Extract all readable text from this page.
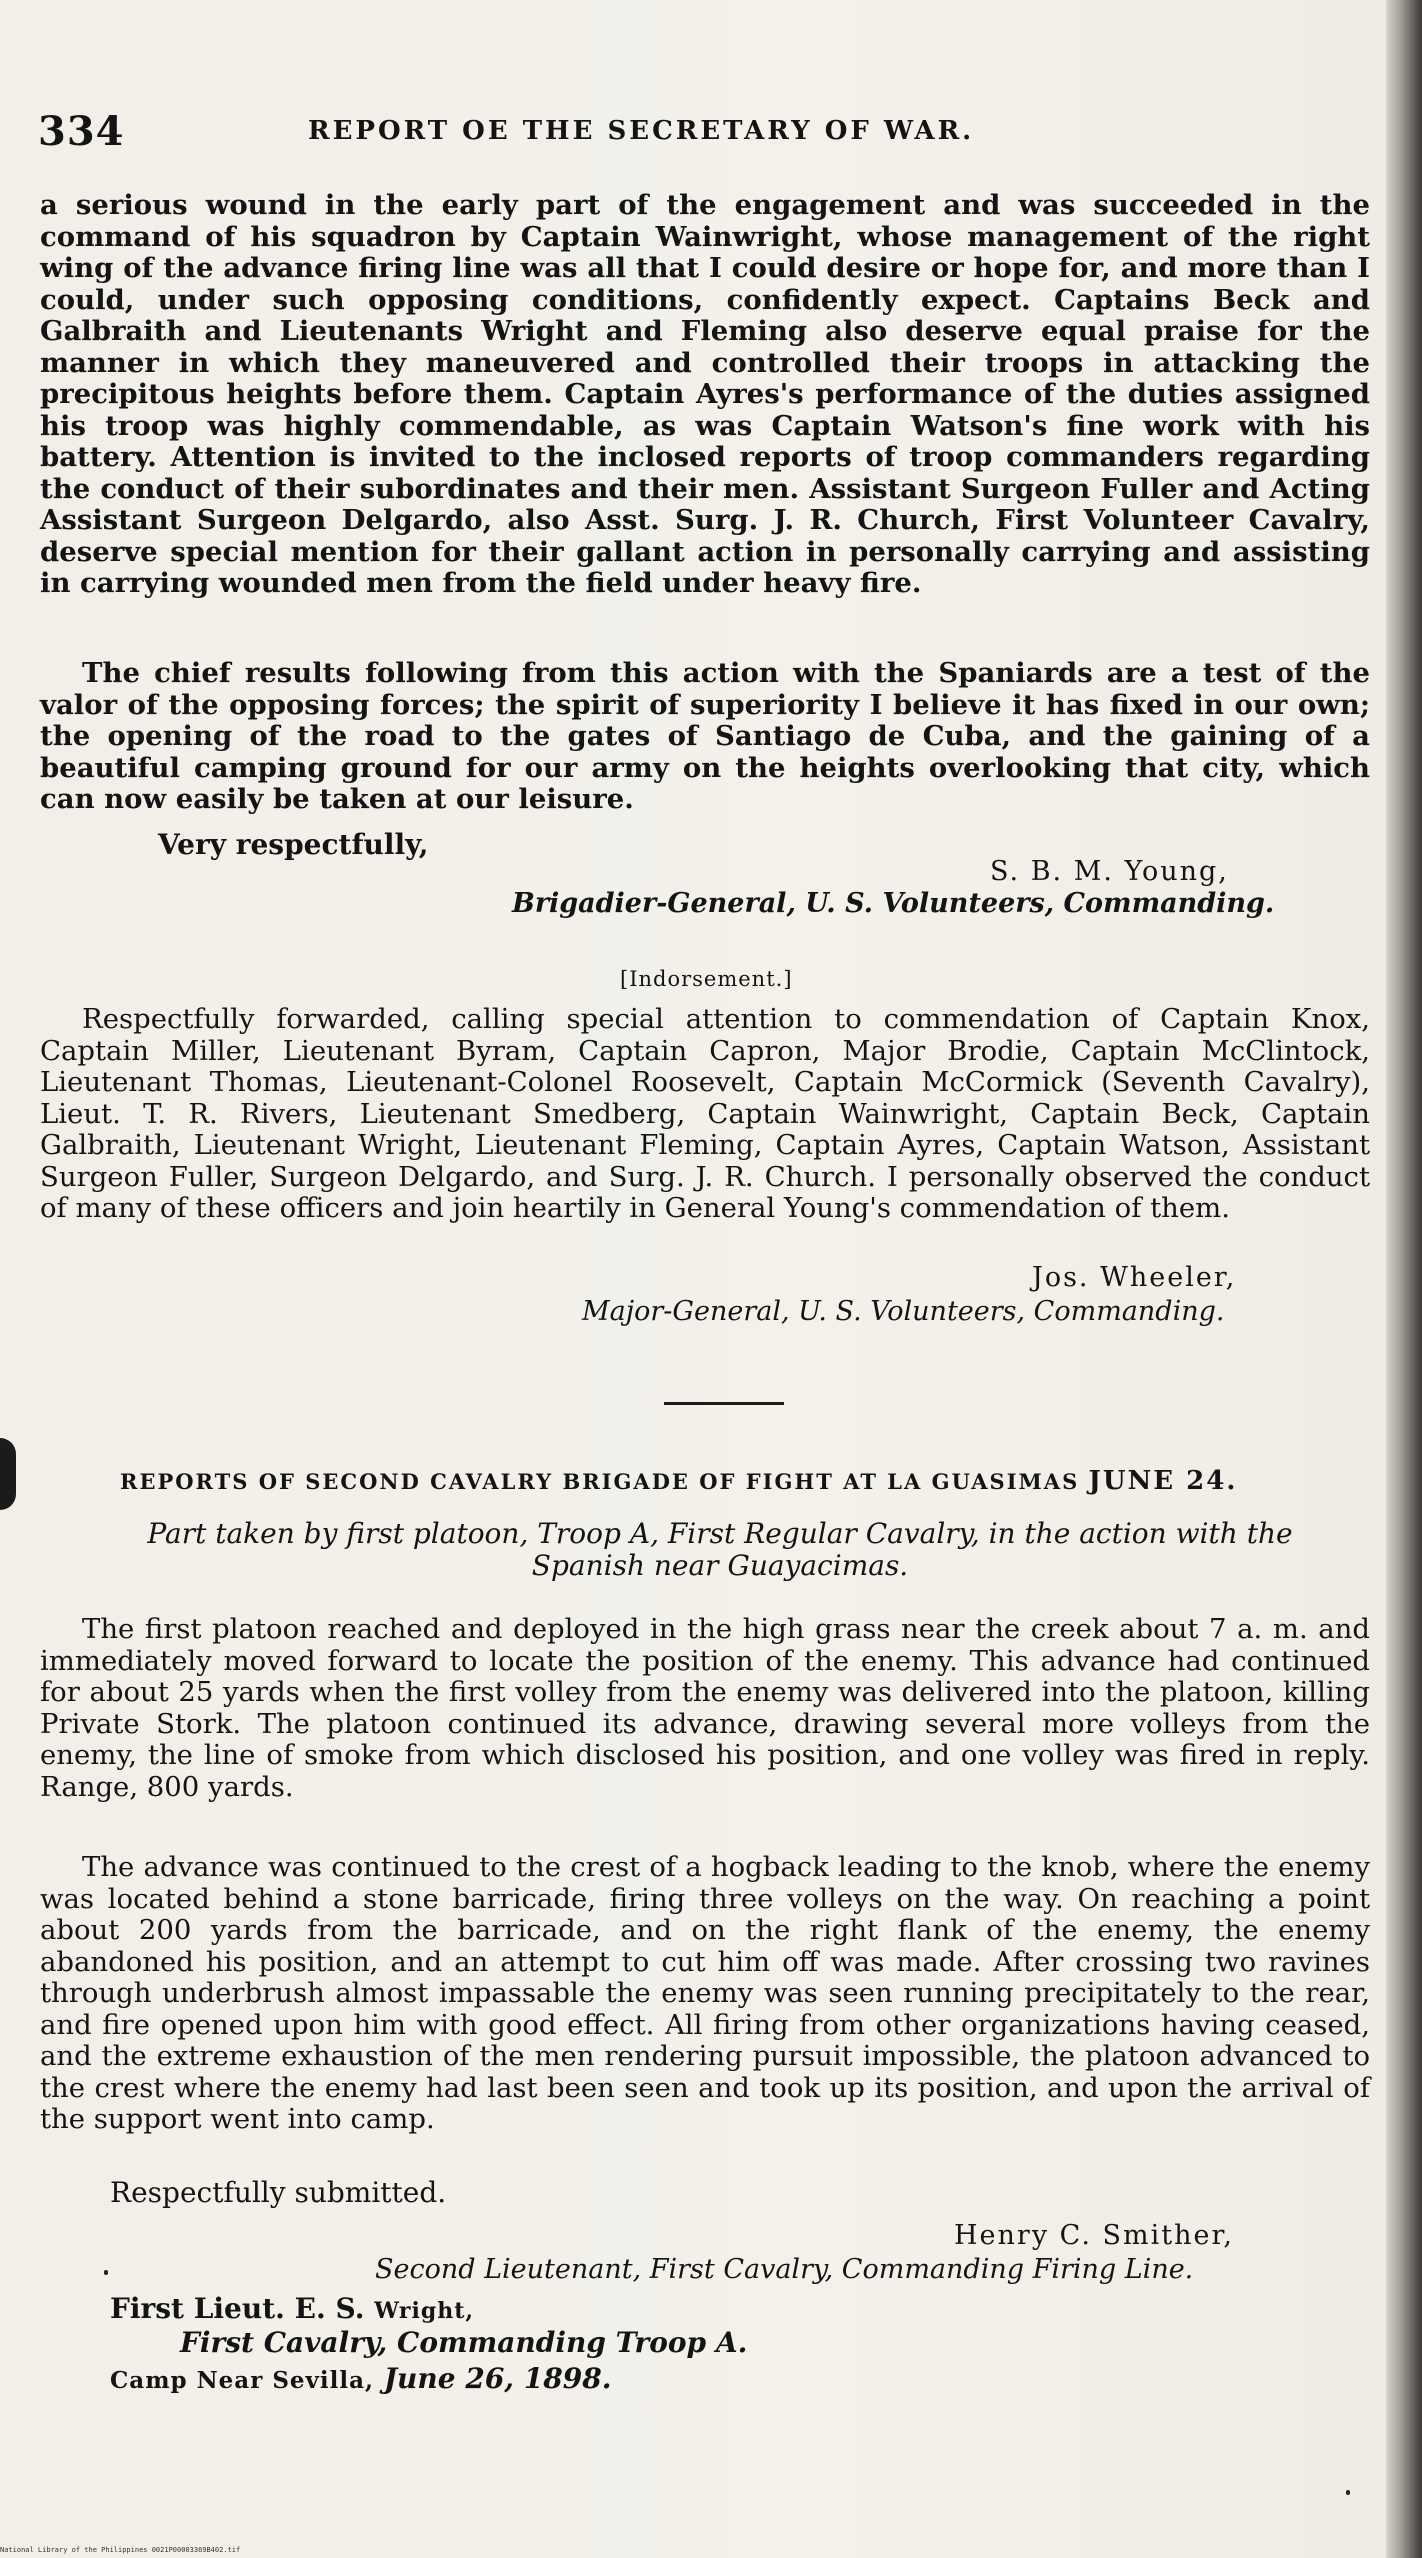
334	REPORT OE THE SECRETARY OF WAR.

a serious wound in the early part of the engagement and was succeeded in the command of his squadron by Captain Wainwright, whose management of the right wing of the advance firing line was all that I could desire or hope for, and more than I could, under such opposing conditions, confidently expect. Captains Beck and Galbraith and Lieutenants Wright and Fleming also deserve equal praise for the manner in which they maneuvered and controlled their troops in attacking the precipitous heights before them. Captain Ayres's performance of the duties assigned his troop was highly commendable, as was Captain Watson's fine work with his battery. Attention is invited to the inclosed reports of troop commanders regarding the conduct of their subordinates and their men. Assistant Surgeon Fuller and Acting Assistant Surgeon Delgardo, also Asst. Surg. J. R. Church, First Volunteer Cavalry, deserve special mention for their gallant action in personally carrying and assisting in carrying wounded men from the field under heavy fire.

The chief results following from this action with the Spaniards are a test of the valor of the opposing forces; the spirit of superiority I believe it has fixed in our own; the opening of the road to the gates of Santiago de Cuba, and the gaining of a beautiful camping ground for our army on the heights overlooking that city, which can now easily be taken at our leisure.

Very respectfully,
S. B. M. Young,
Brigadier-General, U. S. Volunteers, Commanding.
[Indorsement.]

Respectfully forwarded, calling special attention to commendation of Captain Knox, Captain Miller, Lieutenant Byram, Captain Capron, Major Brodie, Captain McClintock, Lieutenant Thomas, Lieutenant-Colonel Roosevelt, Captain McCormick (Seventh Cavalry), Lieut. T. R. Rivers, Lieutenant Smedberg, Captain Wainwright, Captain Beck, Captain Galbraith, Lieutenant Wright, Lieutenant Fleming, Captain Ayres, Captain Watson, Assistant Surgeon Fuller, Surgeon Delgardo, and Surg. J. R. Church. I personally observed the conduct of many of these officers and join heartily in General Young's commendation of them.

Jos. Wheeler,
Major-General, U. S. Volunteers, Commanding.
REPORTS OF SECOND CAVALRY BRIGADE OF FIGHT AT LA GUASIMAS JUNE 24.
Part taken by first platoon, Troop A, First Regular Cavalry, in the action with the
Spanish near Guayacimas.

The first platoon reached and deployed in the high grass near the creek about 7 a. m. and immediately moved forward to locate the position of the enemy. This advance had continued for about 25 yards when the first volley from the enemy was delivered into the platoon, killing Private Stork. The platoon continued its advance, drawing several more volleys from the enemy, the line of smoke from which disclosed his position, and one volley was fired in reply. Range, 800 yards.

The advance was continued to the crest of a hogback leading to the knob, where the enemy was located behind a stone barricade, firing three volleys on the way. On reaching a point about 200 yards from the barricade, and on the right flank of the enemy, the enemy abandoned his position, and an attempt to cut him off was made. After crossing two ravines through underbrush almost impassable the enemy was seen running precipitately to the rear, and fire opened upon him with good effect. All firing from other organizations having ceased, and the extreme exhaustion of the men rendering pursuit impossible, the platoon advanced to the crest where the enemy had last been seen and took up its position, and upon the arrival of the support went into camp.

Respectfully submitted.
Henry C. Smither,
Second Lieutenant, First Cavalry, Commanding Firing Line.
First Lieut. E. S. Wright,
First Cavalry, Commanding Troop A.
Camp Near Sevilla, June 26, 1898.
National Library of the Philippines 0021P00003369B402.tif
